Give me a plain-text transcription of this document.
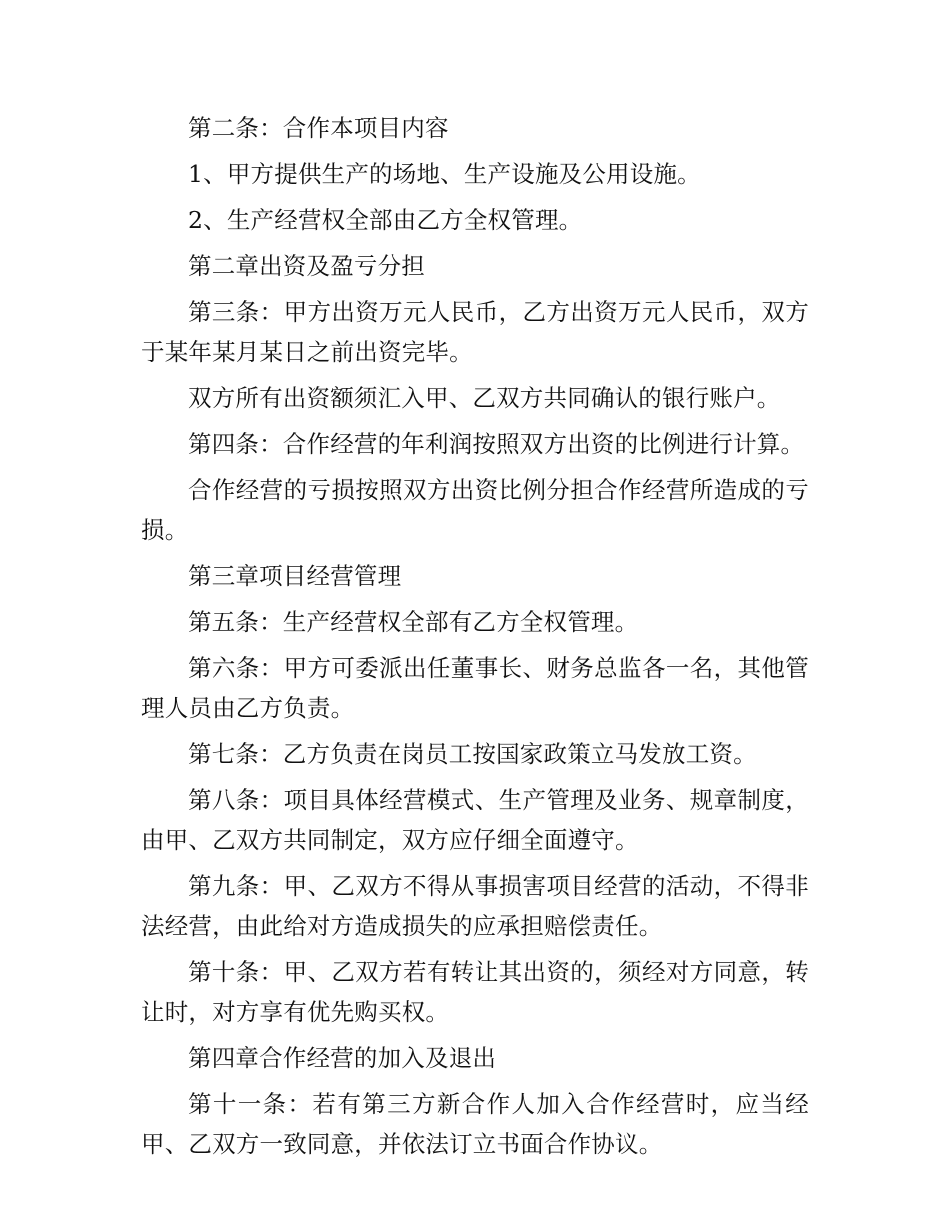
第二条：合作本项目内容

1、甲方提供生产的场地、生产设施及公用设施。

2、生产经营权全部由乙方全权管理。

第二章出资及盈亏分担

第三条：甲方出资万元人民币，乙方出资万元人民币，双方于某年某月某日之前出资完毕。

双方所有出资额须汇入甲、乙双方共同确认的银行账户。

第四条：合作经营的年利润按照双方出资的比例进行计算。

合作经营的亏损按照双方出资比例分担合作经营所造成的亏损。

第三章项目经营管理

第五条：生产经营权全部有乙方全权管理。

第六条：甲方可委派出任董事长、财务总监各一名，其他管理人员由乙方负责。

第七条：乙方负责在岗员工按国家政策立马发放工资。

第八条：项目具体经营模式、生产管理及业务、规章制度，由甲、乙双方共同制定，双方应仔细全面遵守。

第九条：甲、乙双方不得从事损害项目经营的活动，不得非法经营，由此给对方造成损失的应承担赔偿责任。

第十条：甲、乙双方若有转让其出资的，须经对方同意，转让时，对方享有优先购买权。

第四章合作经营的加入及退出

第十一条：若有第三方新合作人加入合作经营时，应当经甲、乙双方一致同意，并依法订立书面合作协议。
